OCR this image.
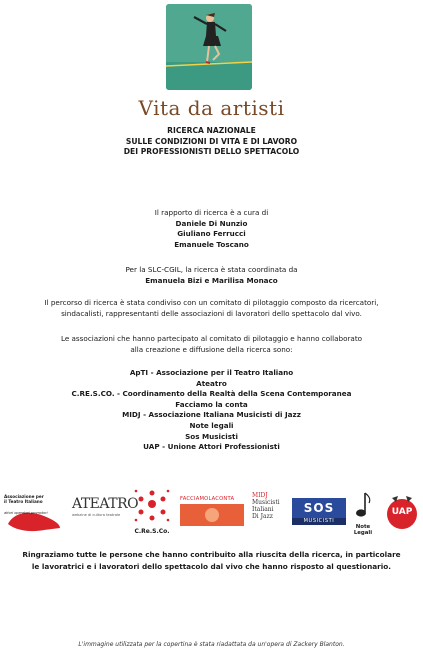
Vita da artisti
RICERCA NAZIONALE
SULLE CONDIZIONI DI VITA E DI LAVORO
DEI PROFESSIONISTI DELLO SPETTACOLO
Il rapporto di ricerca è a cura di
Daniele Di Nunzio
Giuliano Ferrucci
Emanuele Toscano
Per la SLC-CGIL, la ricerca è stata coordinata da
Emanuela Bizi e Marilisa Monaco
Il percorso di ricerca è stata condiviso con un comitato di pilotaggio composto da ricercatori,
sindacalisti, rappresentanti delle associazioni di lavoratori dello spettacolo dal vivo.
Le associazioni che hanno partecipato al comitato di pilotaggio e hanno collaborato
alla creazione e diffusione della ricerca sono:
ApTI - Associazione per il Teatro Italiano
Ateatro
C.RE.S.CO. - Coordinamento della Realtà della Scena Contemporanea
Facciamo la conta
MIDJ - Associazione Italiana Musicisti di Jazz
Note legali
Sos Musicisti
UAP - Unione Attori Professionisti
Associazione per il Teatro Italiano
attori operatori promotori
ATEATRO
webzine di cultura teatrale
C.Re.S.Co.
FACCIAMOLACONTA	MIDJ
Musicisti
Italiani
Di Jazz
SOS
MUSICISTI
Note
Legali
UAP
Ringraziamo tutte le persone che hanno contribuito alla riuscita della ricerca, in particolare
le lavoratrici e i lavoratori dello spettacolo dal vivo che hanno risposto al questionario.
L'immagine utilizzata per la copertina è stata riadattata da un'opera di Zackery Blanton.
